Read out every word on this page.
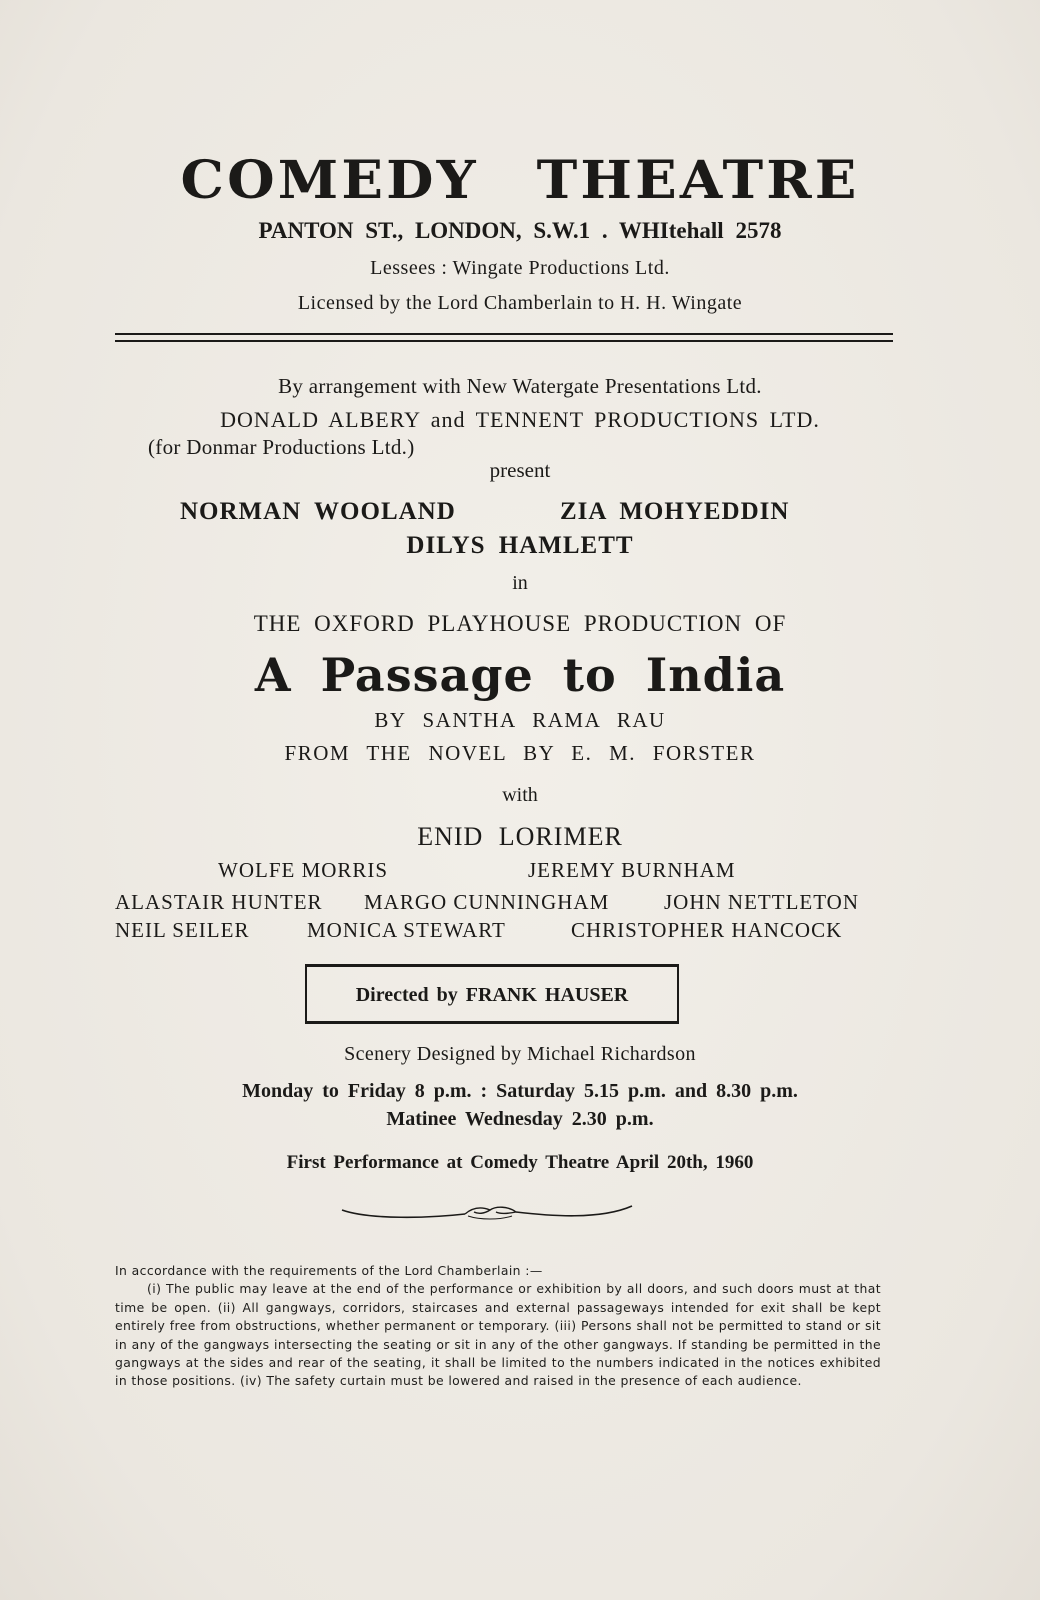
COMEDY THEATRE
PANTON ST., LONDON, S.W.1 . WHItehall 2578
Lessees : Wingate Productions Ltd.
Licensed by the Lord Chamberlain to H. H. Wingate
By arrangement with New Watergate Presentations Ltd.
DONALD ALBERY and TENNENT PRODUCTIONS LTD.
(for Donmar Productions Ltd.)
present
NORMAN WOOLAND	ZIA MOHYEDDIN
DILYS HAMLETT
in
THE OXFORD PLAYHOUSE PRODUCTION OF
A Passage to India
BY SANTHA RAMA RAU
FROM THE NOVEL BY E. M. FORSTER
with
ENID LORIMER
WOLFE MORRIS	JEREMY BURNHAM
ALASTAIR HUNTER MARGO CUNNINGHAM	JOHN NETTLETON
NEIL SEILER	MONICA STEWART	CHRISTOPHER HANCOCK
Directed by FRANK HAUSER
Scenery Designed by Michael Richardson
Monday to Friday 8 p.m. : Saturday 5.15 p.m. and 8.30 p.m.
Matinee Wednesday 2.30 p.m.
First Performance at Comedy Theatre April 20th, 1960

In accordance with the requirements of the Lord Chamberlain :—

(i) The public may leave at the end of the performance or exhibition by all doors, and such doors must at that time be open. (ii) All gangways, corridors, staircases and external passageways intended for exit shall be kept entirely free from obstructions, whether permanent or temporary. (iii) Persons shall not be permitted to stand or sit in any of the gangways intersecting the seating or sit in any of the other gangways. If standing be permitted in the gangways at the sides and rear of the seating, it shall be limited to the numbers indicated in the notices exhibited in those positions. (iv) The safety curtain must be lowered and raised in the presence of each audience.
